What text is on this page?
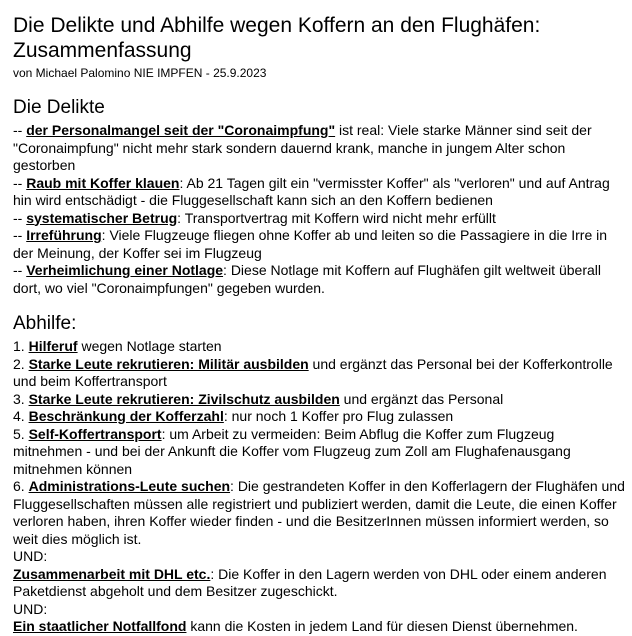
Die Delikte und Abhilfe wegen Koffern an den Flughäfen: Zusammenfassung

von Michael Palomino NIE IMPFEN - 25.9.2023

Die Delikte

-- der Personalmangel seit der "Coronaimpfung" ist real: Viele starke Männer sind seit der "Coronaimpfung" nicht mehr stark sondern dauernd krank, manche in jungem Alter schon gestorben

-- Raub mit Koffer klauen: Ab 21 Tagen gilt ein "vermisster Koffer" als "verloren" und auf Antrag hin wird entschädigt - die Fluggesellschaft kann sich an den Koffern bedienen

-- systematischer Betrug: Transportvertrag mit Koffern wird nicht mehr erfüllt

-- Irreführung: Viele Flugzeuge fliegen ohne Koffer ab und leiten so die Passagiere in die Irre in der Meinung, der Koffer sei im Flugzeug

-- Verheimlichung einer Notlage: Diese Notlage mit Koffern auf Flughäfen gilt weltweit überall dort, wo viel "Coronaimpfungen" gegeben wurden.

Abhilfe:

1. Hilferuf wegen Notlage starten

2. Starke Leute rekrutieren: Militär ausbilden und ergänzt das Personal bei der Kofferkontrolle und beim Koffertransport

3. Starke Leute rekrutieren: Zivilschutz ausbilden und ergänzt das Personal

4. Beschränkung der Kofferzahl: nur noch 1 Koffer pro Flug zulassen

5. Self-Koffertransport: um Arbeit zu vermeiden: Beim Abflug die Koffer zum Flugzeug mitnehmen - und bei der Ankunft die Koffer vom Flugzeug zum Zoll am Flughafenausgang mitnehmen können

6. Administrations-Leute suchen: Die gestrandeten Koffer in den Kofferlagern der Flughäfen und Fluggesellschaften müssen alle registriert und publiziert werden, damit die Leute, die einen Koffer verloren haben, ihren Koffer wieder finden - und die BesitzerInnen müssen informiert werden, so weit dies möglich ist.

UND:

Zusammenarbeit mit DHL etc.: Die Koffer in den Lagern werden von DHL oder einem anderen Paketdienst abgeholt und dem Besitzer zugeschickt.

UND:

Ein staatlicher Notfallfond kann die Kosten in jedem Land für diesen Dienst übernehmen.
